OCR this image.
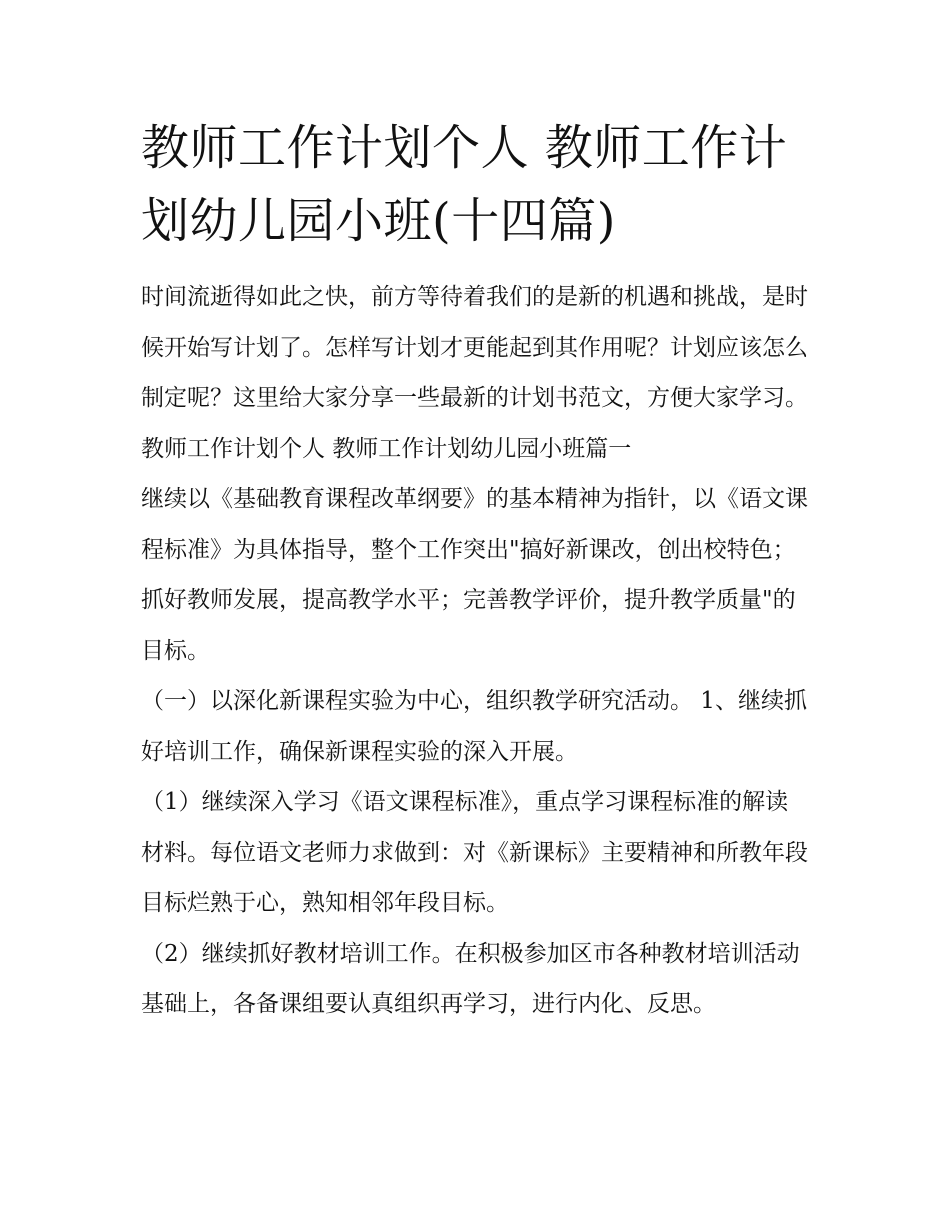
教师工作计划个人 教师工作计划幼儿园小班(十四篇)

时间流逝得如此之快，前方等待着我们的是新的机遇和挑战，是时候开始写计划了。怎样写计划才更能起到其作用呢？计划应该怎么制定呢？这里给大家分享一些最新的计划书范文，方便大家学习。

教师工作计划个人 教师工作计划幼儿园小班篇一

继续以《基础教育课程改革纲要》的基本精神为指针，以《语文课程标准》为具体指导，整个工作突出"搞好新课改，创出校特色；抓好教师发展，提高教学水平；完善教学评价，提升教学质量"的目标。

（一）以深化新课程实验为中心，组织教学研究活动。 1、继续抓好培训工作，确保新课程实验的深入开展。

（1）继续深入学习《语文课程标准》，重点学习课程标准的解读材料。每位语文老师力求做到：对《新课标》主要精神和所教年段目标烂熟于心，熟知相邻年段目标。

（2）继续抓好教材培训工作。在积极参加区市各种教材培训活动基础上，各备课组要认真组织再学习，进行内化、反思。
